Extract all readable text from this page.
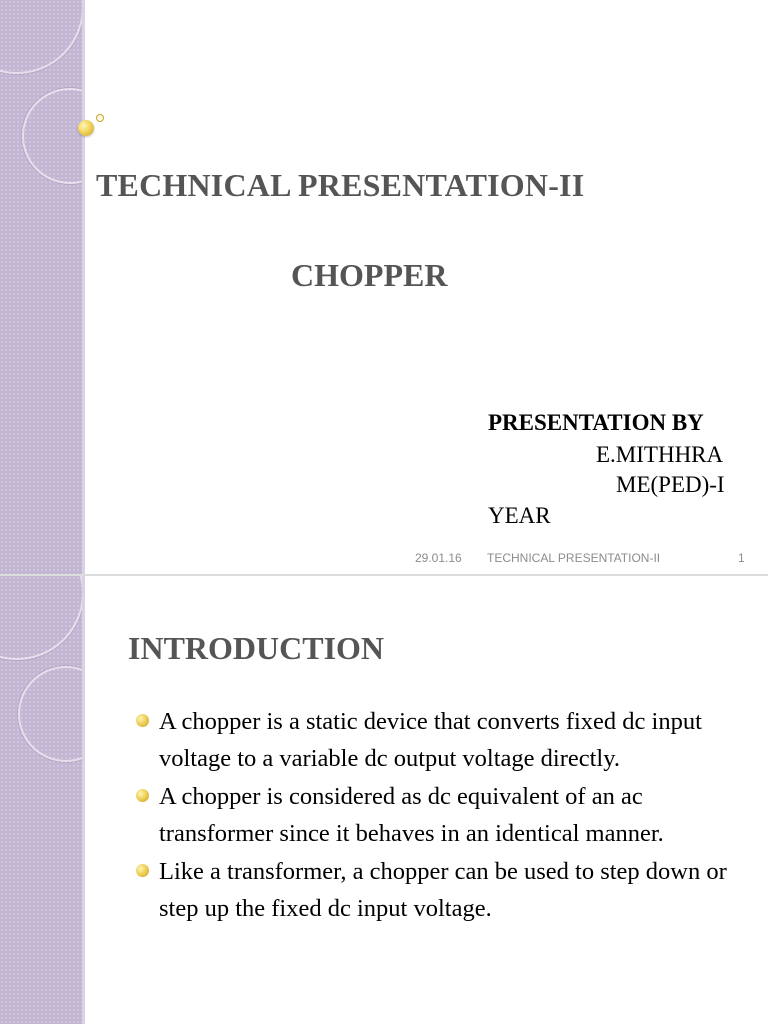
TECHNICAL PRESENTATION-II
CHOPPER

PRESENTATION BY

E.MITHHRA

ME(PED)-I

YEAR

29.01.16 TECHNICAL PRESENTATION-II	1
INTRODUCTION
A chopper is a static device that converts fixed dc input voltage to a variable dc output voltage directly.
A chopper is considered as dc equivalent of an ac transformer since it behaves in an identical manner.
Like a transformer, a chopper can be used to step down or step up the fixed dc input voltage.
